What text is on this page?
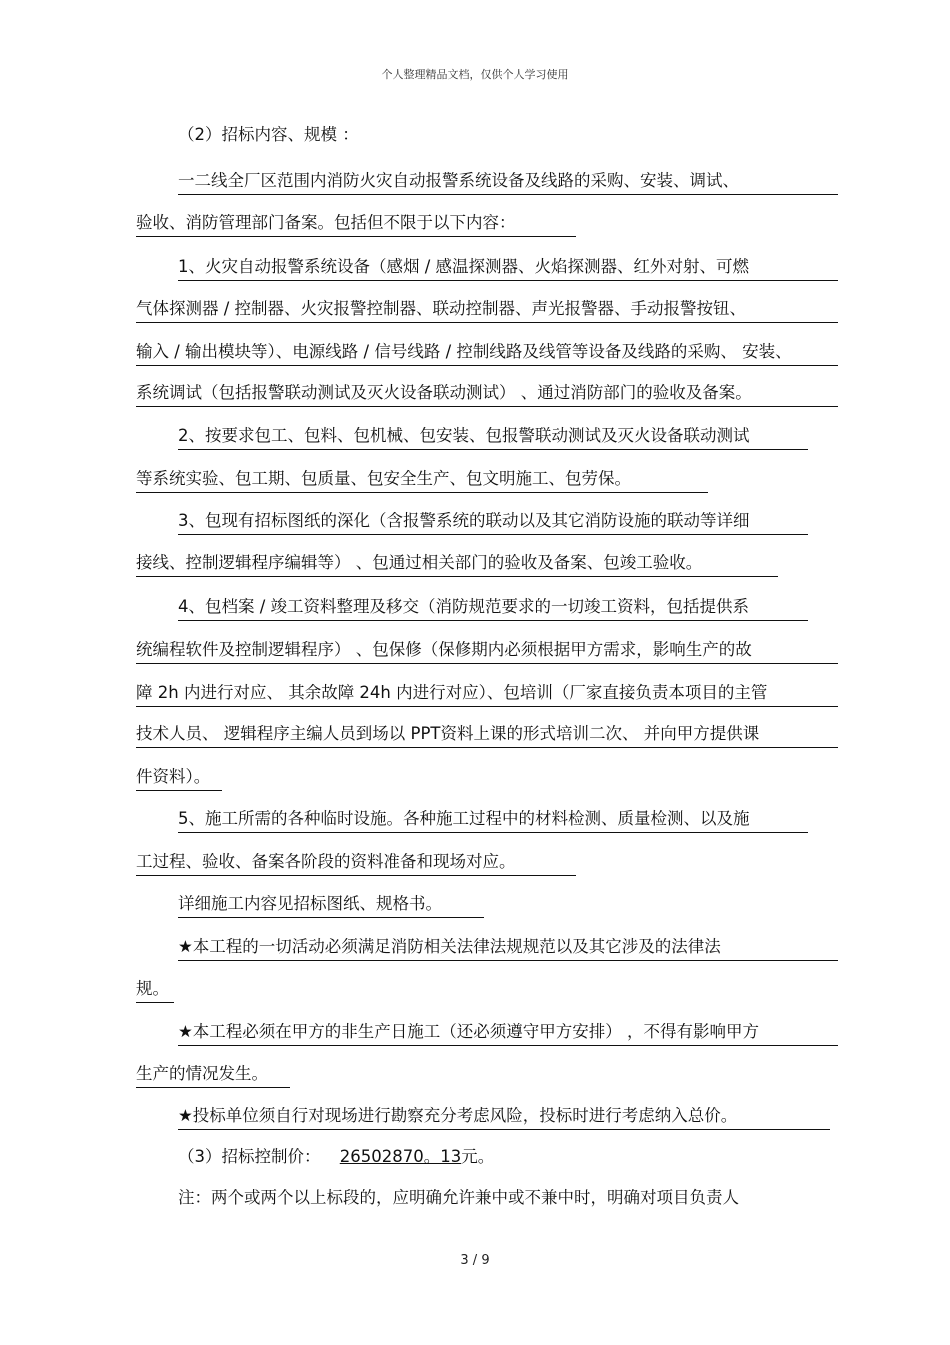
个人整理精品文档，仅供个人学习使用
（2）招标内容、规模 ：
一二线全厂区范围内消防火灾自动报警系统设备及线路的采购、安装、调试、
验收、消防管理部门备案。包括但不限于以下内容：
1、火灾自动报警系统设备（感烟 / 感温探测器、火焰探测器、红外对射、可燃
气体探测器 / 控制器、火灾报警控制器、联动控制器、声光报警器、手动报警按钮、
输入 / 输出模块等）、电源线路 / 信号线路 / 控制线路及线管等设备及线路的采购、 安装、
系统调试（包括报警联动测试及灭火设备联动测试） 、通过消防部门的验收及备案。
2、按要求包工、包料、包机械、包安装、包报警联动测试及灭火设备联动测试
等系统实验、包工期、包质量、包安全生产、包文明施工、包劳保。
3、包现有招标图纸的深化（含报警系统的联动以及其它消防设施的联动等详细
接线、控制逻辑程序编辑等） 、包通过相关部门的验收及备案、包竣工验收。
4、包档案 / 竣工资料整理及移交（消防规范要求的一切竣工资料，包括提供系
统编程软件及控制逻辑程序） 、包保修（保修期内必须根据甲方需求，影响生产的故
障 2h 内进行对应、 其余故障 24h 内进行对应）、包培训（厂家直接负责本项目的主管
技术人员、 逻辑程序主编人员到场以 PPT资料上课的形式培训二次、 并向甲方提供课
件资料）。
5、施工所需的各种临时设施。各种施工过程中的材料检测、质量检测、以及施
工过程、验收、备案各阶段的资料准备和现场对应。
详细施工内容见招标图纸、规格书。
★本工程的一切活动必须满足消防相关法律法规规范以及其它涉及的法律法
规。
★本工程必须在甲方的非生产日施工（还必须遵守甲方安排） ，不得有影响甲方
生产的情况发生。
★投标单位须自行对现场进行勘察充分考虑风险，投标时进行考虑纳入总价。
（3）招标控制价： 26502870。13元。
注：两个或两个以上标段的，应明确允许兼中或不兼中时，明确对项目负责人
3 / 9
